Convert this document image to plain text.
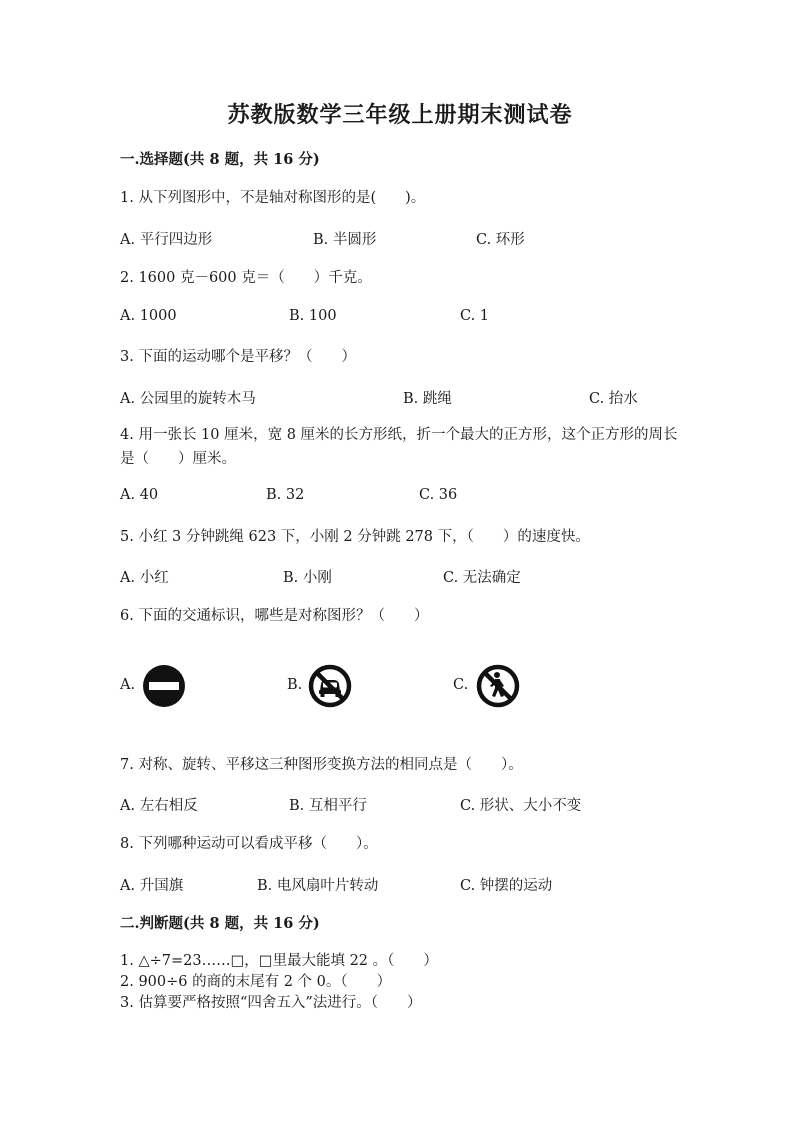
苏教版数学三年级上册期末测试卷
一.选择题(共 8 题，共 16 分)
1. 从下列图形中，不是轴对称图形的是(　　)。
A. 平行四边形	B. 半圆形	C. 环形
2. 1600 克－600 克＝（　　）千克。
A. 1000	B. 100	C. 1
3. 下面的运动哪个是平移？（　　）
A. 公园里的旋转木马	B. 跳绳	C. 抬水
4. 用一张长 10 厘米，宽 8 厘米的长方形纸，折一个最大的正方形，这个正方形的周长是（　　）厘米。
A. 40	B. 32	C. 36
5. 小红 3 分钟跳绳 623 下，小刚 2 分钟跳 278 下，（　　）的速度快。
A. 小红	B. 小刚	C. 无法确定
6. 下面的交通标识，哪些是对称图形？（　　）
A.	B.	C.
7. 对称、旋转、平移这三种图形变换方法的相同点是（　　）。
A. 左右相反	B. 互相平行	C. 形状、大小不变
8. 下列哪种运动可以看成平移（　　）。
A. 升国旗	B. 电风扇叶片转动	C. 钟摆的运动
二.判断题(共 8 题，共 16 分)
1. △÷7=23……□，□里最大能填 22 。（　　）
2. 900÷6 的商的末尾有 2 个 0。（　　）
3. 估算要严格按照“四舍五入”法进行。（　　）
